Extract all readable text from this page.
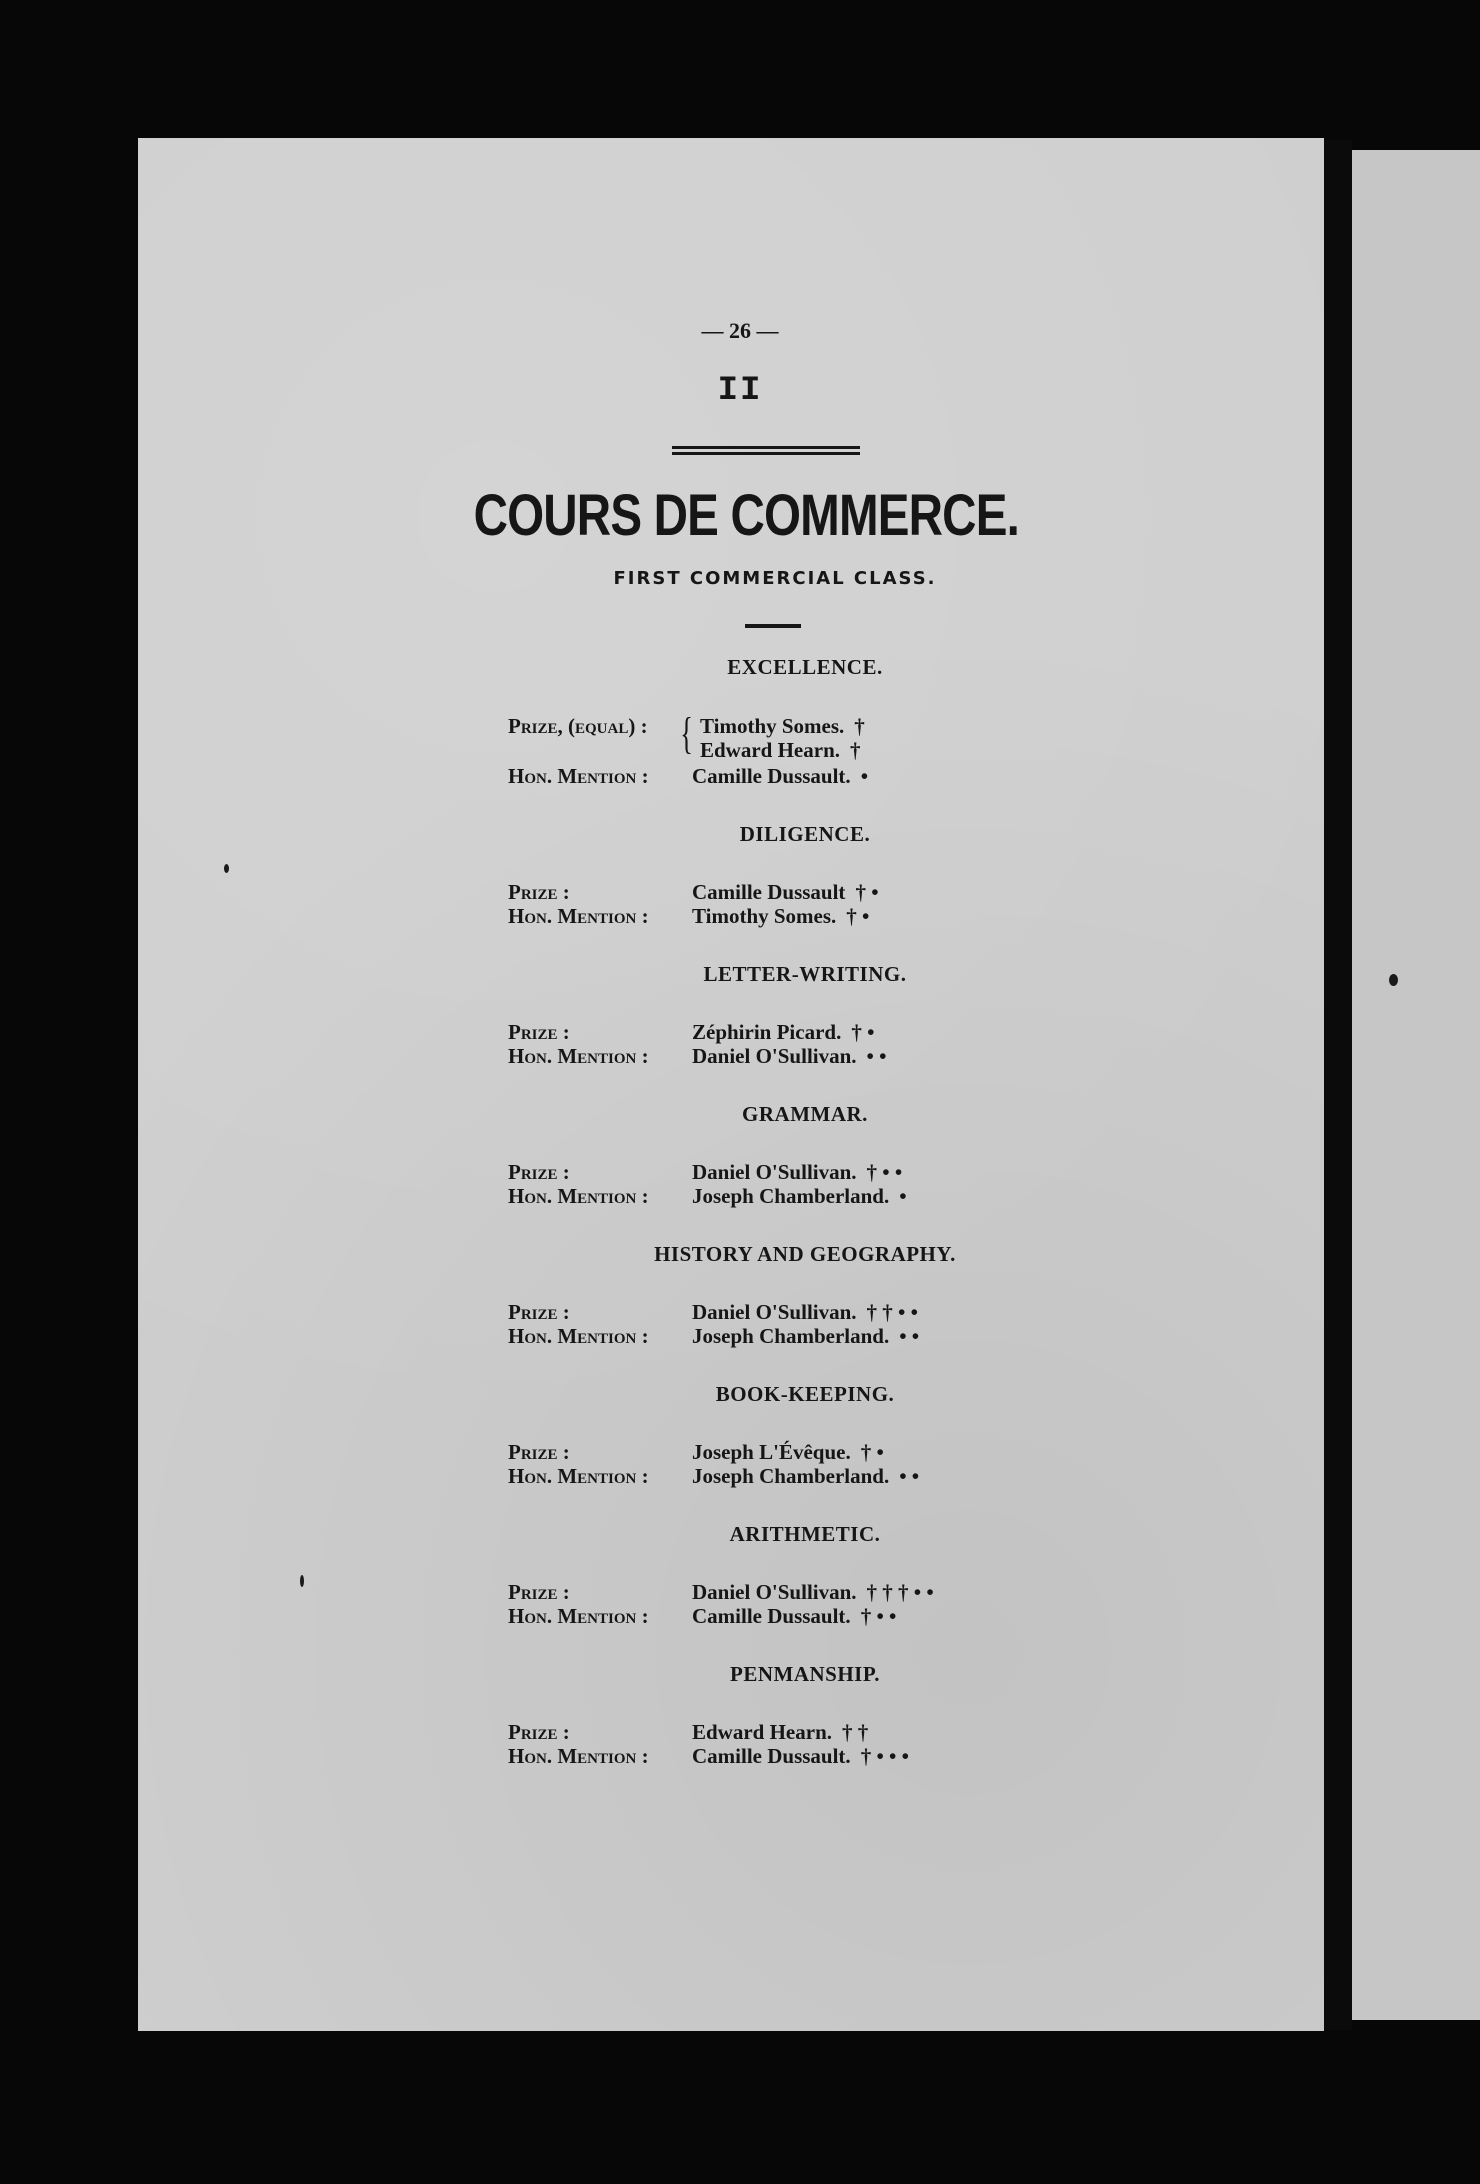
— 26 —
II
COURS DE COMMERCE.
FIRST COMMERCIAL CLASS.
EXCELLENCE.
{
Prize, (equal) : Timothy Somes. †
Edward Hearn. †
Hon. Mention : Camille Dussault. •
DILIGENCE.
Prize :	Camille Dussault † •
Hon. Mention : Timothy Somes. † •
LETTER-WRITING.
Prize :	Zéphirin Picard. † •
Hon. Mention : Daniel O'Sullivan. • •
GRAMMAR.
Prize :	Daniel O'Sullivan. † • •
Hon. Mention : Joseph Chamberland. •
HISTORY AND GEOGRAPHY.
Prize :	Daniel O'Sullivan. † † • •
Hon. Mention : Joseph Chamberland. • •
BOOK-KEEPING.
Prize :	Joseph L'Évêque. † •
Hon. Mention : Joseph Chamberland. • •
ARITHMETIC.
Prize :	Daniel O'Sullivan. † † † • •
Hon. Mention : Camille Dussault. † • •
PENMANSHIP.
Prize :	Edward Hearn. † †
Hon. Mention : Camille Dussault. † • • •
